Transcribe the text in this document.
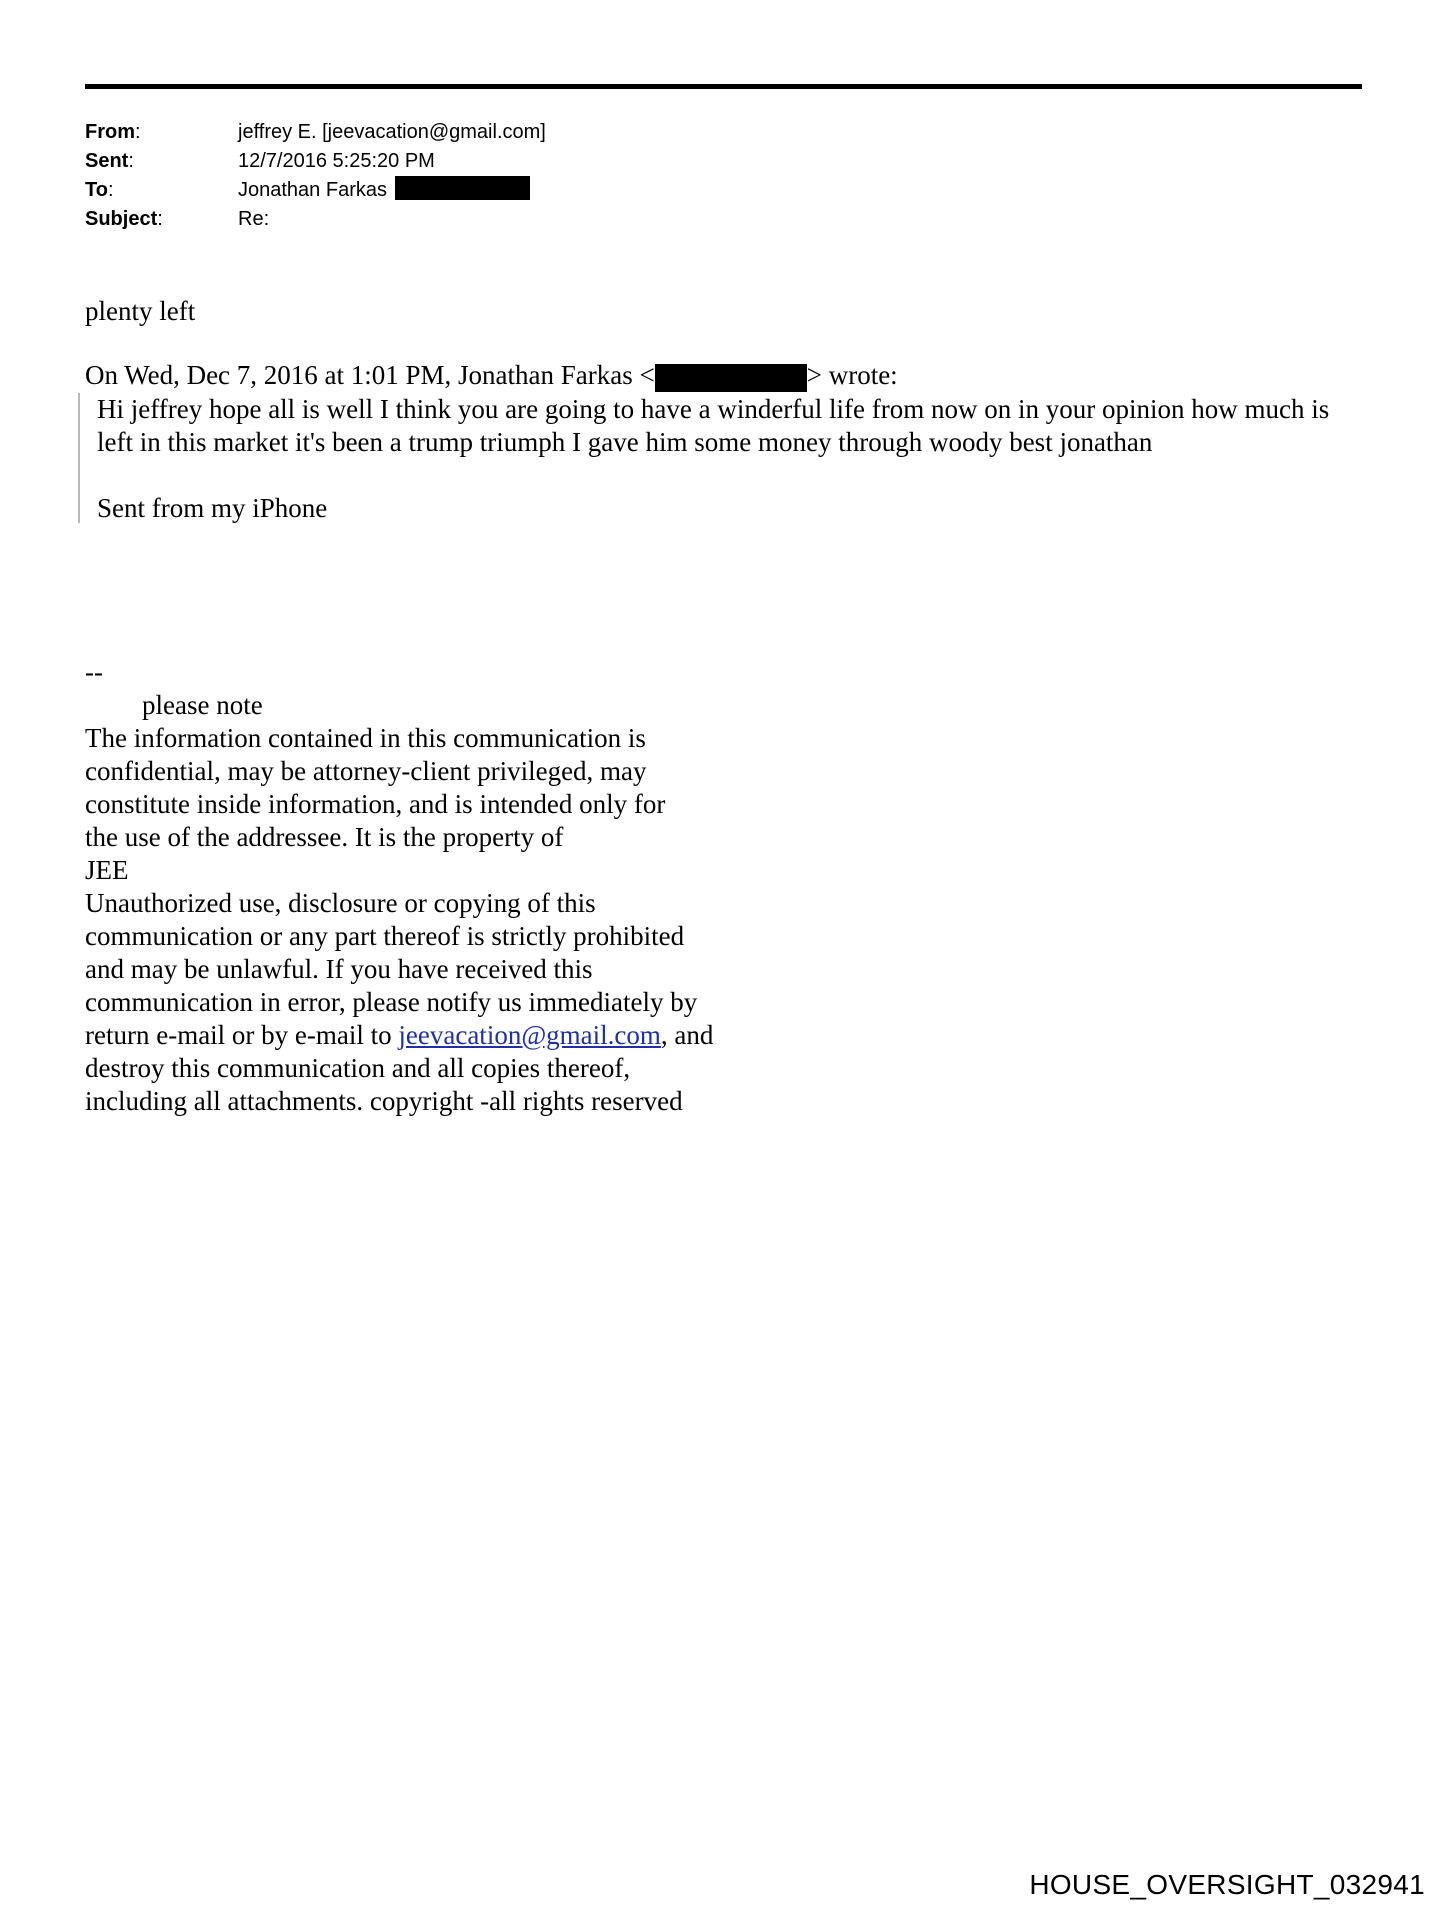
From:	jeffrey E. [jeevacation@gmail.com]
Sent:	12/7/2016 5:25:20 PM
To:	Jonathan Farkas
Subject:	Re:
plenty left
On Wed, Dec 7, 2016 at 1:01 PM, Jonathan Farkas <	> wrote:

Hi jeffrey hope all is well I think you are going to have a winderful life from now on in your opinion how much is left in this market it's been a trump triumph I gave him some money through woody best jonathan

Sent from my iPhone

--
please note
The information contained in this communication is
confidential, may be attorney-client privileged, may
constitute inside information, and is intended only for
the use of the addressee. It is the property of
JEE
Unauthorized use, disclosure or copying of this
communication or any part thereof is strictly prohibited
and may be unlawful. If you have received this
communication in error, please notify us immediately by
return e-mail or by e-mail to jeevacation@gmail.com, and
destroy this communication and all copies thereof,
including all attachments. copyright -all rights reserved
HOUSE_OVERSIGHT_032941
